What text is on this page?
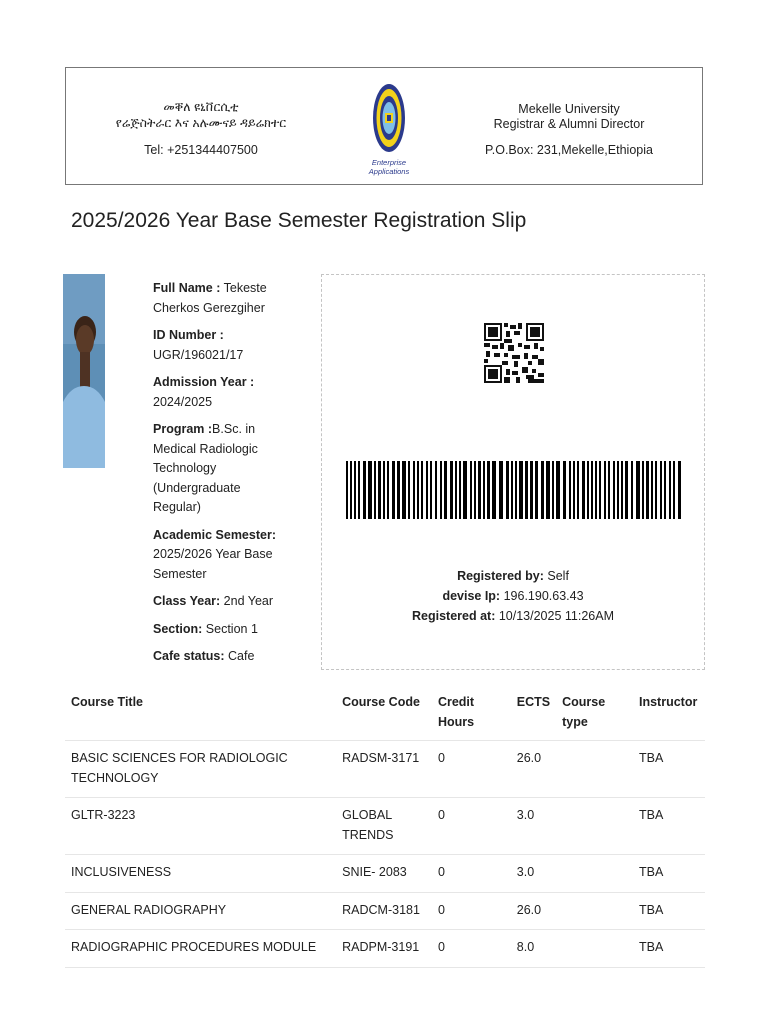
መቐለ ዩኒቨርሲቲ
የሬጅስትራር እና አሉሙናይ ዳይሬክተር
Tel: +251344407500
Enterprise Applications
Mekelle University
Registrar & Alumni Director
P.O.Box: 231,Mekelle,Ethiopia
2025/2026 Year Base Semester Registration Slip
Full Name : Tekeste Cherkos Gerezgiher
ID Number :
UGR/196021/17
Admission Year :
2024/2025
Program :B.Sc. in Medical Radiologic Technology (Undergraduate Regular)
Academic Semester:
2025/2026 Year Base Semester
Class Year: 2nd Year
Section: Section 1
Cafe status: Cafe
Registered by: Self
devise Ip: 196.190.63.43
Registered at: 10/13/2025 11:26AM
Course Title	Course Code	Credit Hours	ECTS	Course type	Instructor
BASIC SCIENCES FOR RADIOLOGIC TECHNOLOGY	RADSM-3171	0	26.0		TBA
GLTR-3223	GLOBAL TRENDS	0	3.0		TBA
INCLUSIVENESS	SNIE- 2083	0	3.0		TBA
GENERAL RADIOGRAPHY	RADCM-3181	0	26.0		TBA
RADIOGRAPHIC PROCEDURES MODULE	RADPM-3191	0	8.0		TBA
